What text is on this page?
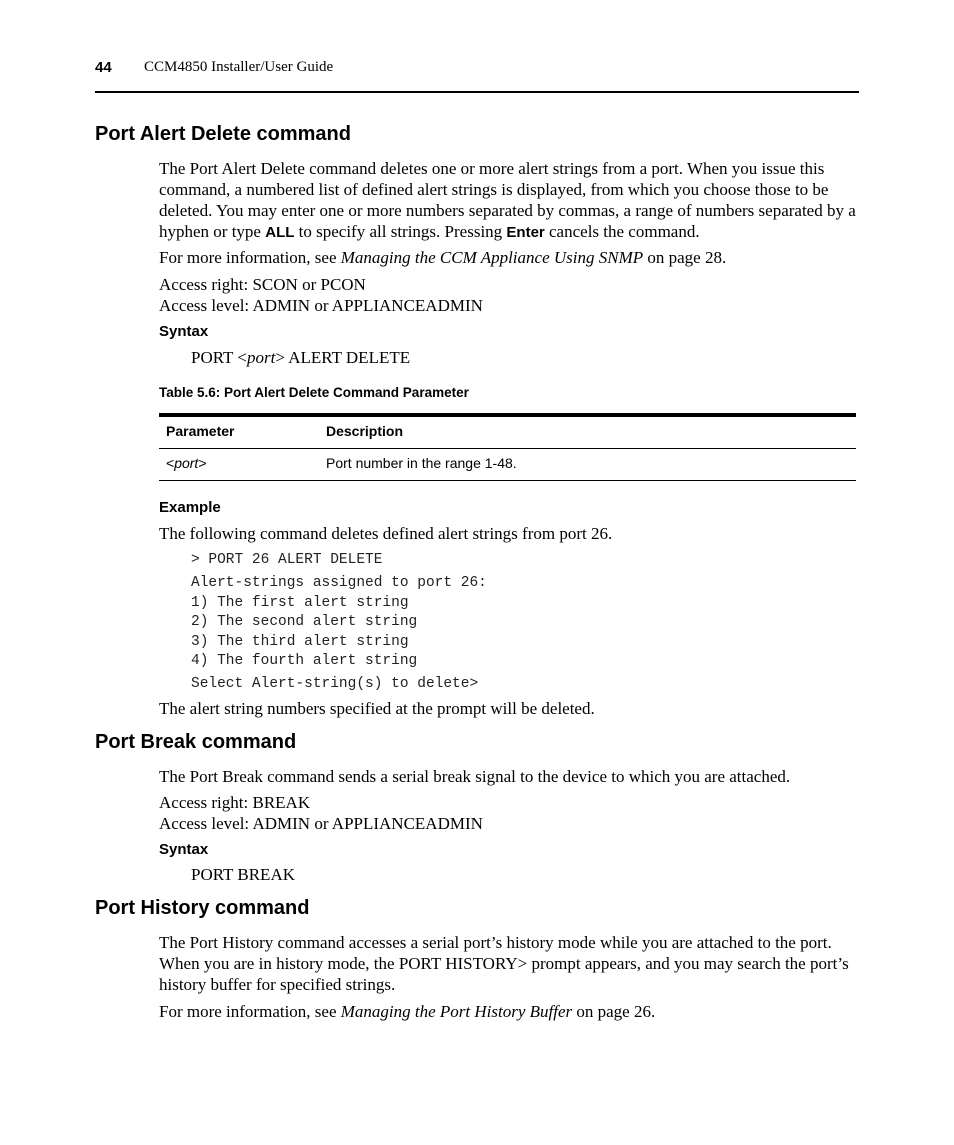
44 CCM4850 Installer/User Guide
Port Alert Delete command

The Port Alert Delete command deletes one or more alert strings from a port. When you issue this command, a numbered list of defined alert strings is displayed, from which you choose those to be deleted. You may enter one or more numbers separated by commas, a range of numbers separated by a hyphen or type ALL to specify all strings. Pressing Enter cancels the command.

For more information, see Managing the CCM Appliance Using SNMP on page 28.

Access right: SCON or PCON

Access level: ADMIN or APPLIANCEADMIN

Syntax
PORT <port> ALERT DELETE
Table 5.6: Port Alert Delete Command Parameter
Parameter	Description
<port>	Port number in the range 1-48.
Example

The following command deletes defined alert strings from port 26.

> PORT 26 ALERT DELETE
Alert-strings assigned to port 26:
1) The first alert string
2) The second alert string
3) The third alert string
4) The fourth alert string
Select Alert-string(s) to delete>

The alert string numbers specified at the prompt will be deleted.

Port Break command

The Port Break command sends a serial break signal to the device to which you are attached.

Access right: BREAK

Access level: ADMIN or APPLIANCEADMIN

Syntax
PORT BREAK
Port History command

The Port History command accesses a serial port’s history mode while you are attached to the port. When you are in history mode, the PORT HISTORY> prompt appears, and you may search the port’s history buffer for specified strings.

For more information, see Managing the Port History Buffer on page 26.
